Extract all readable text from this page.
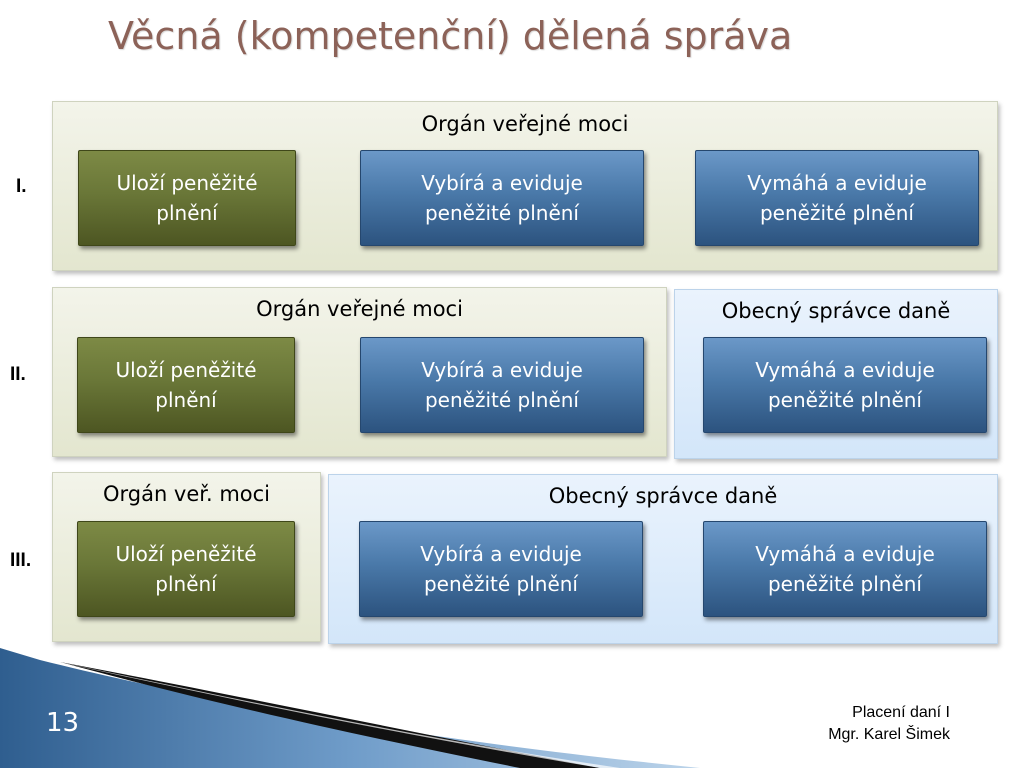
Věcná (kompetenční) dělená správa
I.
Orgán veřejné moci
Uloží peněžité
plnění
Vybírá a eviduje
peněžité plnění
Vymáhá a eviduje
peněžité plnění
II.
Orgán veřejné moci	Obecný správce daně
Uloží peněžité
plnění
Vybírá a eviduje
peněžité plnění
Vymáhá a eviduje
peněžité plnění
III.
Orgán veř. moci	Obecný správce daně
Uloží peněžité
plnění
Vybírá a eviduje
peněžité plnění
Vymáhá a eviduje
peněžité plnění
13	Placení daní I
Mgr. Karel Šimek
